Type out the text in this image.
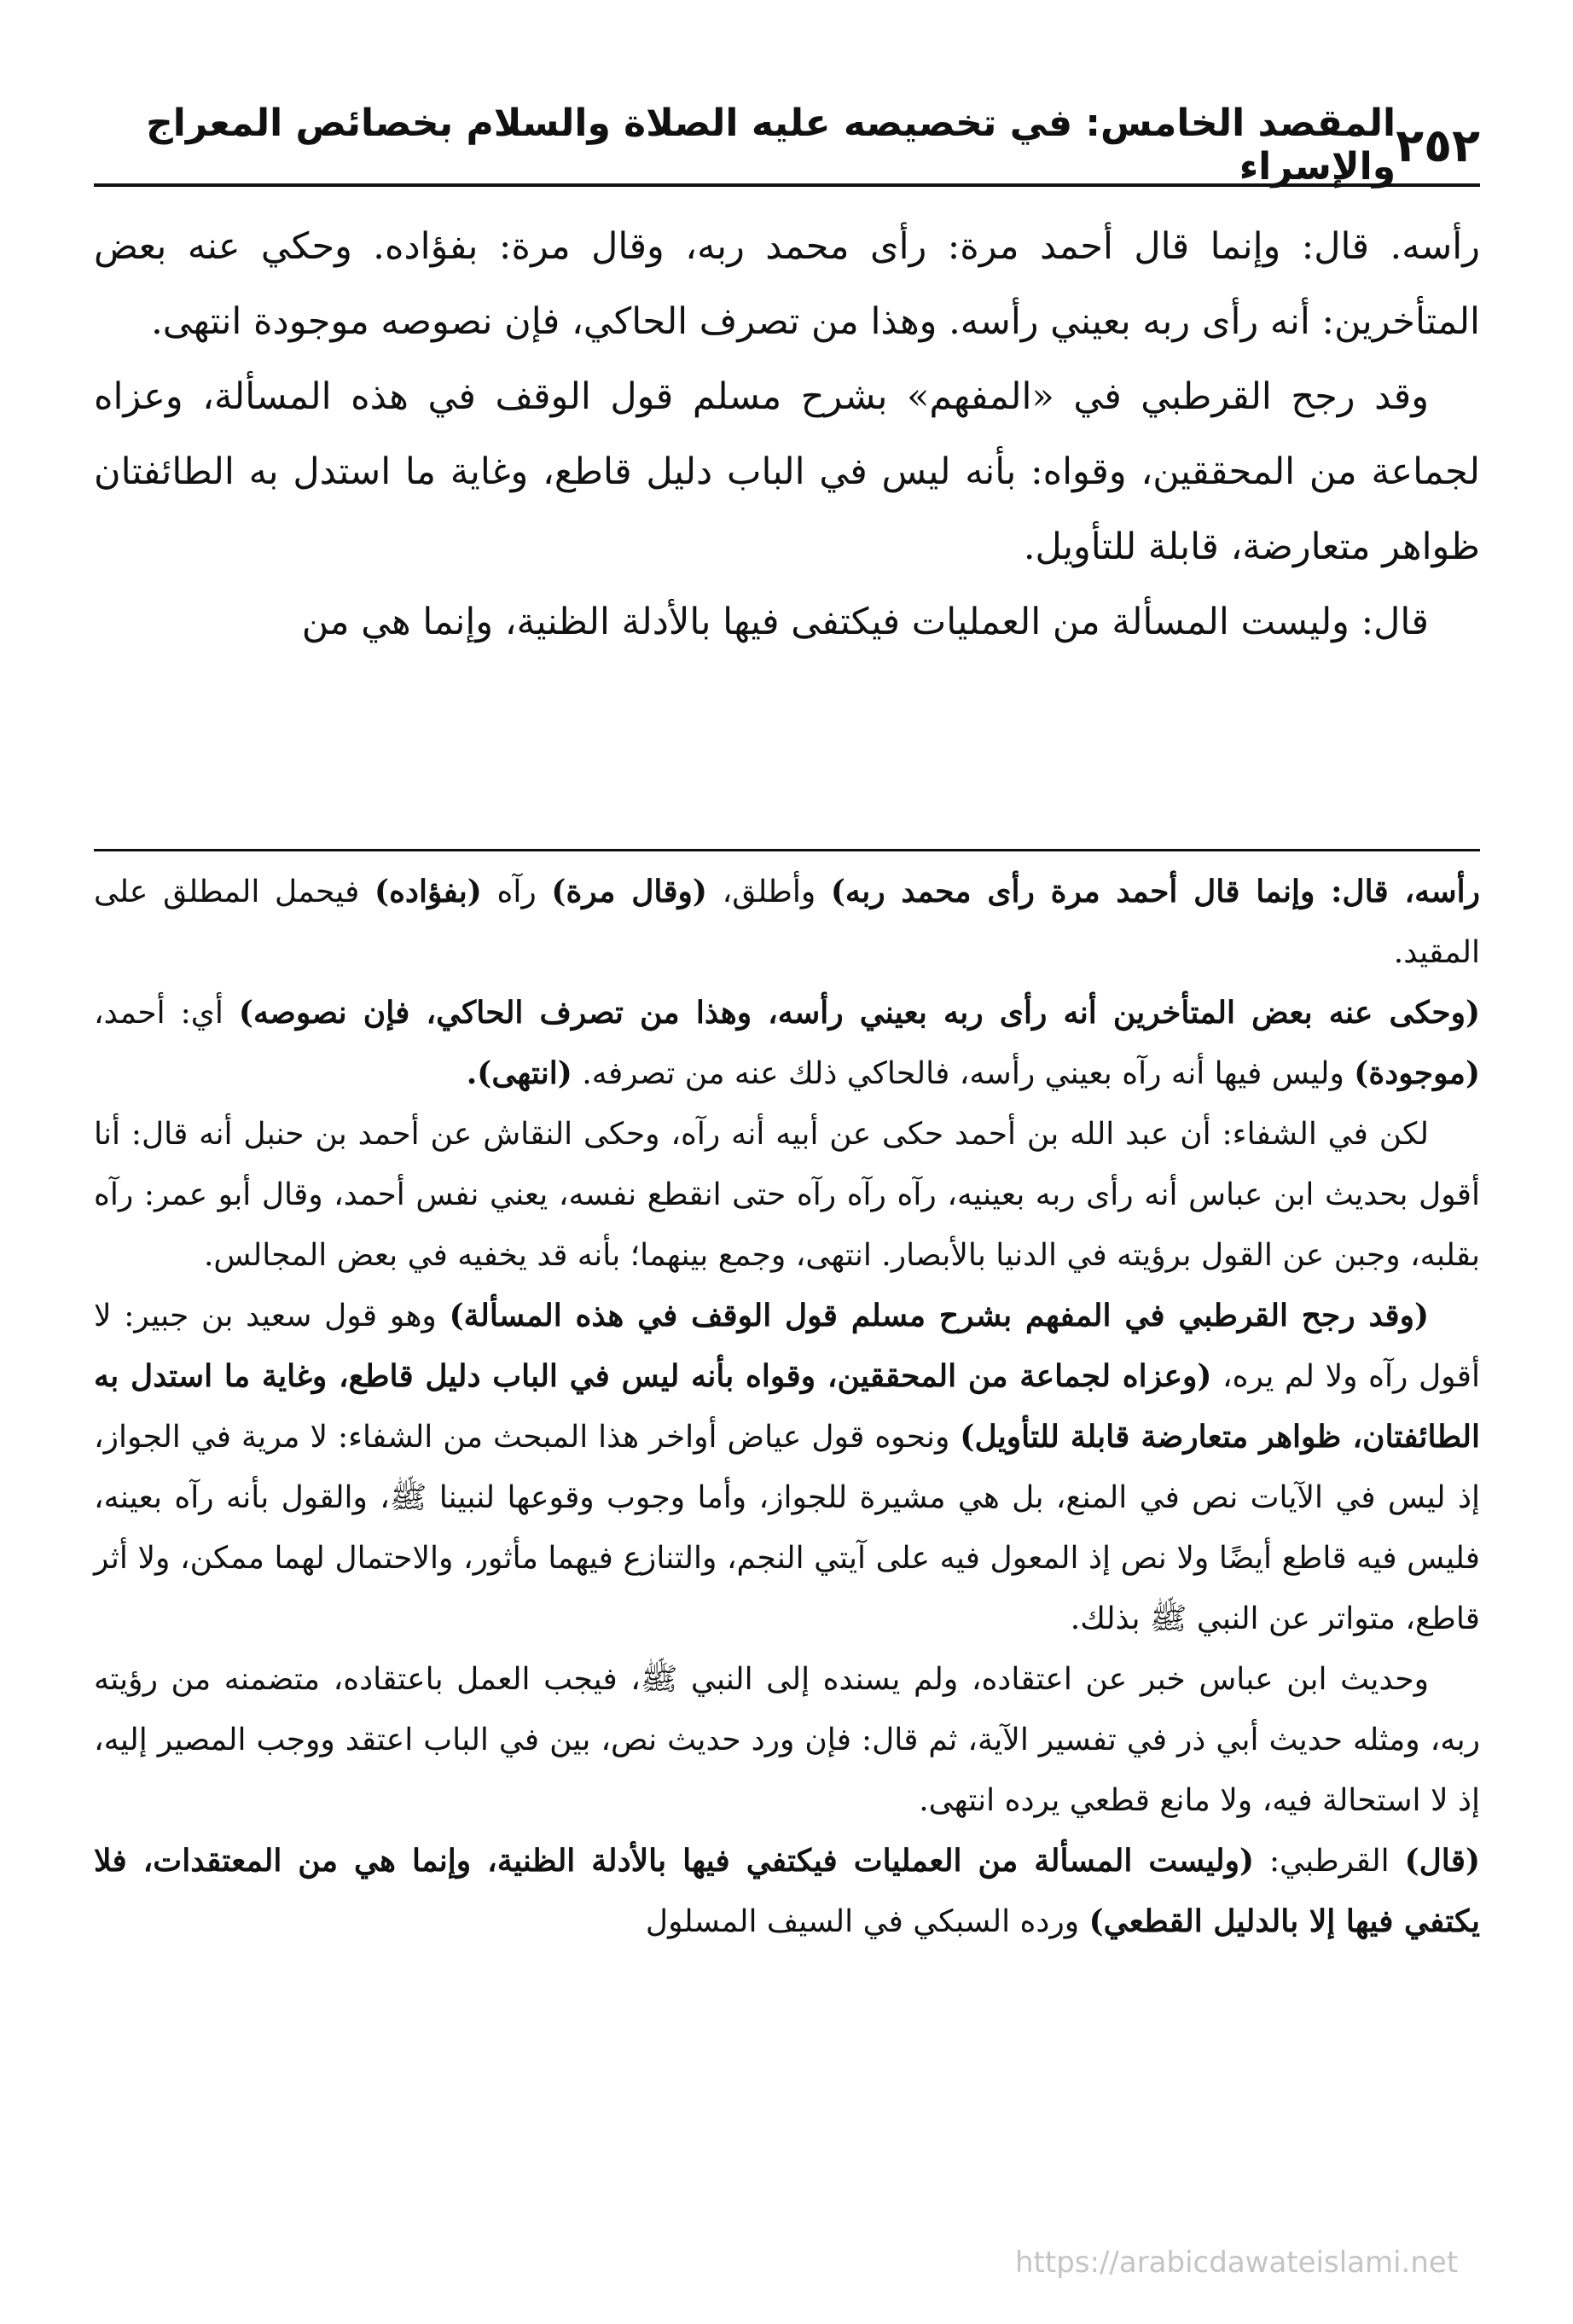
٢٥٢
المقصد الخامس: في تخصيصه عليه الصلاة والسلام بخصائص المعراج والإسراء

رأسه. قال: وإنما قال أحمد مرة: رأى محمد ربه، وقال مرة: بفؤاده. وحكي عنه بعض المتأخرين: أنه رأى ربه بعيني رأسه. وهذا من تصرف الحاكي، فإن نصوصه موجودة انتهى.

وقد رجح القرطبي في «المفهم» بشرح مسلم قول الوقف في هذه المسألة، وعزاه لجماعة من المحققين، وقواه: بأنه ليس في الباب دليل قاطع، وغاية ما استدل به الطائفتان ظواهر متعارضة، قابلة للتأويل.

قال: وليست المسألة من العمليات فيكتفى فيها بالأدلة الظنية، وإنما هي من

رأسه، قال: وإنما قال أحمد مرة رأى محمد ربه) وأطلق، (وقال مرة) رآه (بفؤاده) فيحمل المطلق على المقيد.

(وحكى عنه بعض المتأخرين أنه رأى ربه بعيني رأسه، وهذا من تصرف الحاكي، فإن نصوصه) أي: أحمد، (موجودة) وليس فيها أنه رآه بعيني رأسه، فالحاكي ذلك عنه من تصرفه. (انتهى).

لكن في الشفاء: أن عبد الله بن أحمد حكى عن أبيه أنه رآه، وحكى النقاش عن أحمد بن حنبل أنه قال: أنا أقول بحديث ابن عباس أنه رأى ربه بعينيه، رآه رآه رآه حتى انقطع نفسه، يعني نفس أحمد، وقال أبو عمر: رآه بقلبه، وجبن عن القول برؤيته في الدنيا بالأبصار. انتهى، وجمع بينهما؛ بأنه قد يخفيه في بعض المجالس.

(وقد رجح القرطبي في المفهم بشرح مسلم قول الوقف في هذه المسألة) وهو قول سعيد بن جبير: لا أقول رآه ولا لم يره، (وعزاه لجماعة من المحققين، وقواه بأنه ليس في الباب دليل قاطع، وغاية ما استدل به الطائفتان، ظواهر متعارضة قابلة للتأويل) ونحوه قول عياض أواخر هذا المبحث من الشفاء: لا مرية في الجواز، إذ ليس في الآيات نص في المنع، بل هي مشيرة للجواز، وأما وجوب وقوعها لنبينا ﷺ، والقول بأنه رآه بعينه، فليس فيه قاطع أيضًا ولا نص إذ المعول فيه على آيتي النجم، والتنازع فيهما مأثور، والاحتمال لهما ممكن، ولا أثر قاطع، متواتر عن النبي ﷺ بذلك.

وحديث ابن عباس خبر عن اعتقاده، ولم يسنده إلى النبي ﷺ، فيجب العمل باعتقاده، متضمنه من رؤيته ربه، ومثله حديث أبي ذر في تفسير الآية، ثم قال: فإن ورد حديث نص، بين في الباب اعتقد ووجب المصير إليه، إذ لا استحالة فيه، ولا مانع قطعي يرده انتهى.

(قال) القرطبي: (وليست المسألة من العمليات فيكتفي فيها بالأدلة الظنية، وإنما هي من المعتقدات، فلا يكتفي فيها إلا بالدليل القطعي) ورده السبكي في السيف المسلول

https://arabicdawateislami.net
